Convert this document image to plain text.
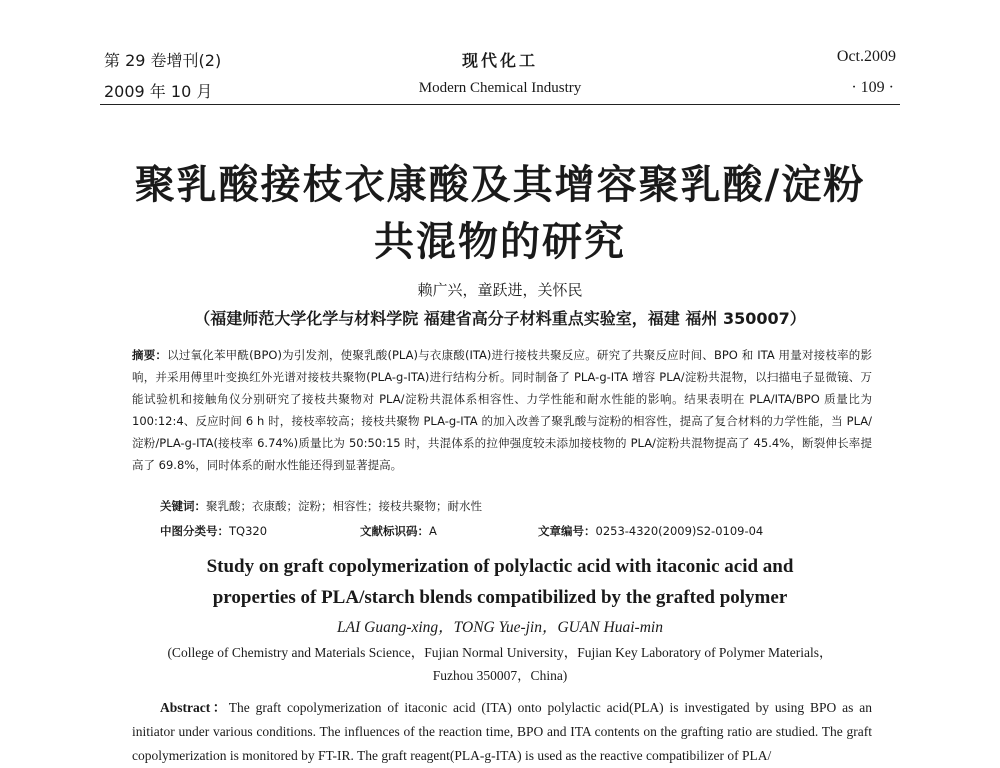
第 29 卷增刊(2)
2009 年 10 月
现代化工
Modern Chemical Industry
Oct.2009
· 109 ·
聚乳酸接枝衣康酸及其增容聚乳酸/淀粉
共混物的研究
赖广兴，童跃进，关怀民
（福建师范大学化学与材料学院 福建省高分子材料重点实验室，福建 福州 350007）
摘要：以过氧化苯甲酰(BPO)为引发剂，使聚乳酸(PLA)与衣康酸(ITA)进行接枝共聚反应。研究了共聚反应时间、BPO 和 ITA 用量对接枝率的影响，并采用傅里叶变换红外光谱对接枝共聚物(PLA-g-ITA)进行结构分析。同时制备了 PLA-g-ITA 增容 PLA/淀粉共混物，以扫描电子显微镜、万能试验机和接触角仪分别研究了接枝共聚物对 PLA/淀粉共混体系相容性、力学性能和耐水性能的影响。结果表明在 PLA/ITA/BPO 质量比为 100:12:4、反应时间 6 h 时，接枝率较高；接枝共聚物 PLA-g-ITA 的加入改善了聚乳酸与淀粉的相容性，提高了复合材料的力学性能，当 PLA/淀粉/PLA-g-ITA(接枝率 6.74%)质量比为 50:50:15 时，共混体系的拉伸强度较未添加接枝物的 PLA/淀粉共混物提高了 45.4%，断裂伸长率提高了 69.8%，同时体系的耐水性能还得到显著提高。
关键词：聚乳酸；衣康酸；淀粉；相容性；接枝共聚物；耐水性
中图分类号：TQ320	文献标识码：A	文章编号：0253-4320(2009)S2-0109-04
Study on graft copolymerization of polylactic acid with itaconic acid and
properties of PLA/starch blends compatibilized by the grafted polymer
LAI Guang-xing，TONG Yue-jin，GUAN Huai-min
(College of Chemistry and Materials Science，Fujian Normal University，Fujian Key Laboratory of Polymer Materials，
Fuzhou 350007，China)
Abstract：The graft copolymerization of itaconic acid (ITA) onto polylactic acid(PLA) is investigated by using BPO as an initiator under various conditions. The influences of the reaction time, BPO and ITA contents on the grafting ratio are studied. The graft copolymerization is monitored by FT-IR. The graft reagent(PLA-g-ITA) is used as the reactive compatibilizer of PLA/
